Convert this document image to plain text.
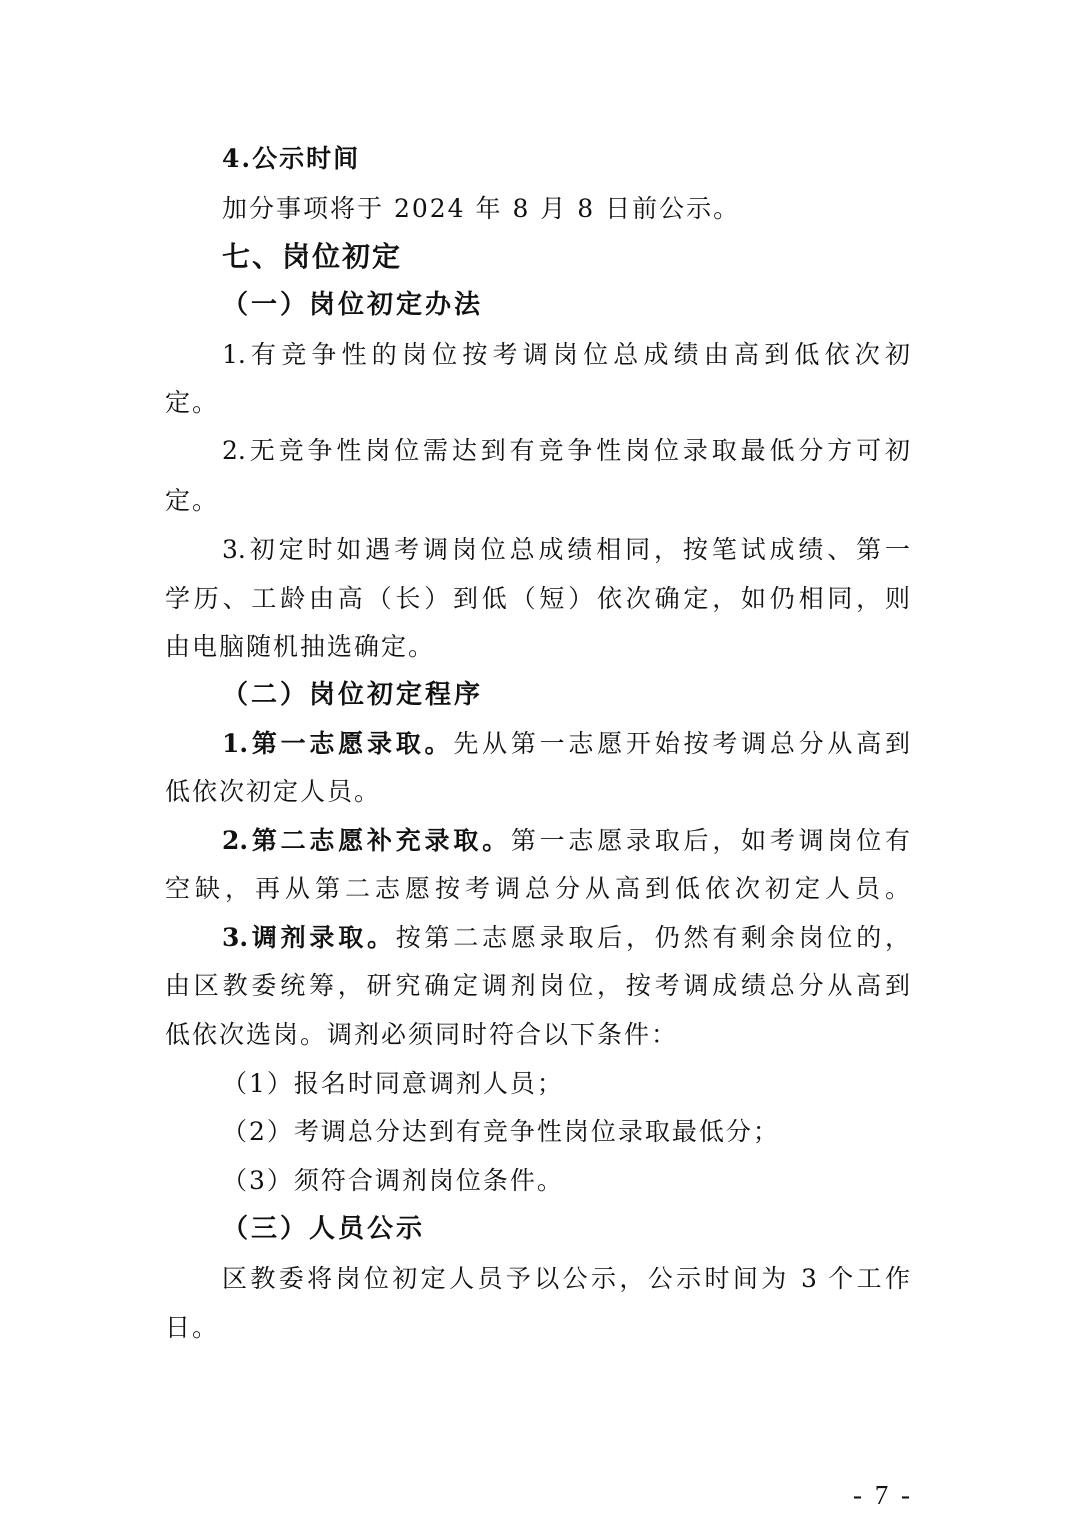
4.公示时间
加分事项将于 2024 年 8 月 8 日前公示。
七、岗位初定
（一）岗位初定办法
1.有竞争性的岗位按考调岗位总成绩由高到低依次初
定。
2.无竞争性岗位需达到有竞争性岗位录取最低分方可初
定。
3.初定时如遇考调岗位总成绩相同，按笔试成绩、第一
学历、工龄由高（长）到低（短）依次确定，如仍相同，则
由电脑随机抽选确定。
（二）岗位初定程序
1.第一志愿录取。先从第一志愿开始按考调总分从高到
低依次初定人员。
2.第二志愿补充录取。第一志愿录取后，如考调岗位有
空缺，再从第二志愿按考调总分从高到低依次初定人员。
3.调剂录取。按第二志愿录取后，仍然有剩余岗位的，
由区教委统筹，研究确定调剂岗位，按考调成绩总分从高到
低依次选岗。调剂必须同时符合以下条件：
（1）报名时同意调剂人员；
（2）考调总分达到有竞争性岗位录取最低分；
（3）须符合调剂岗位条件。
（三）人员公示
区教委将岗位初定人员予以公示，公示时间为 3 个工作
日。
- 7 -
